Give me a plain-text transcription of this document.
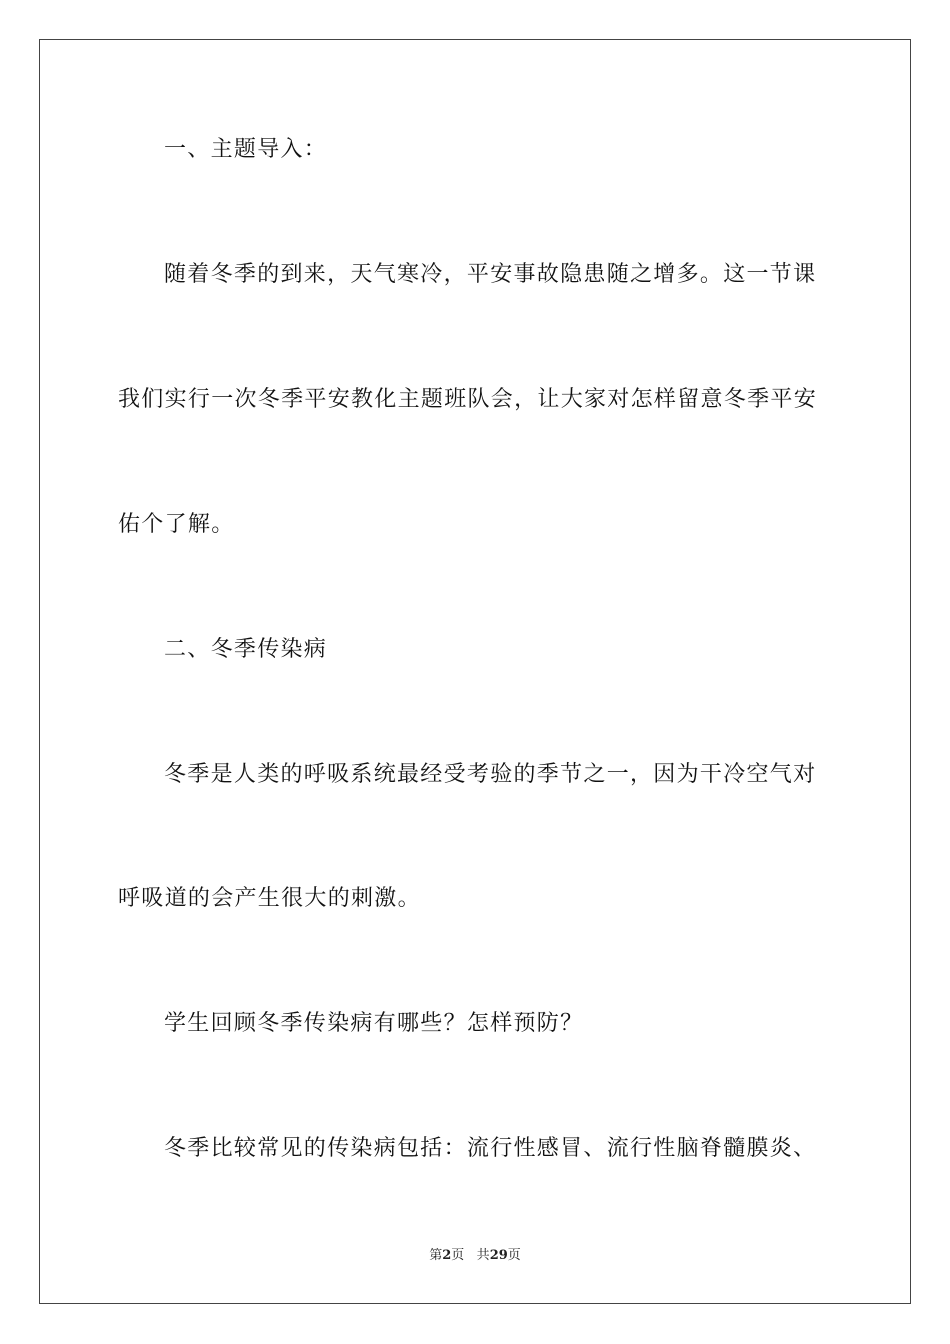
一、主题导入：
随着冬季的到来，天气寒冷，平安事故隐患随之增多。这一节课
我们实行一次冬季平安教化主题班队会，让大家对怎样留意冬季平安
佑个了解。
二、冬季传染病
冬季是人类的呼吸系统最经受考验的季节之一，因为干冷空气对
呼吸道的会产生很大的刺激。
学生回顾冬季传染病有哪些？怎样预防？
冬季比较常见的传染病包括：流行性感冒、流行性脑脊髓膜炎、
第2页 共29页
